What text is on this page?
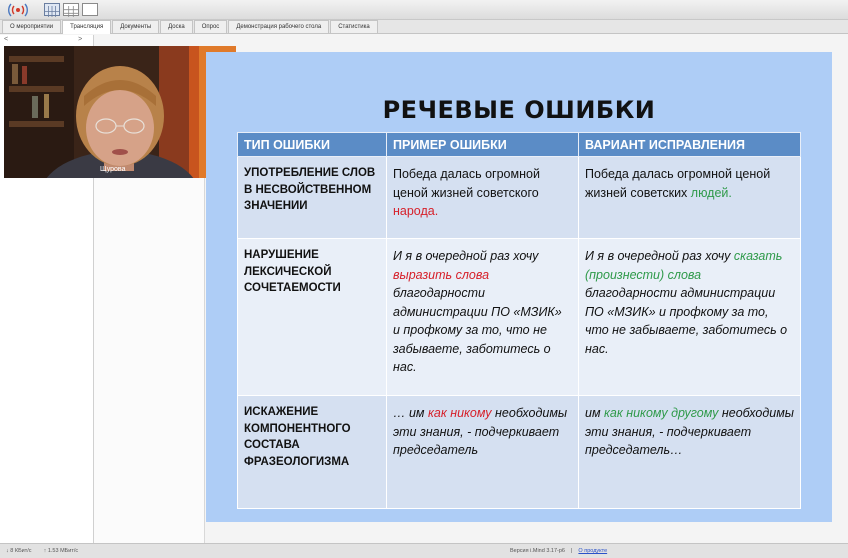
О мероприятии	Трансляция	Документы	Доска	Опрос	Демонстрация рабочего стола	Статистика
<	>
Щурова
РЕЧЕВЫЕ ОШИБКИ
ТИП ОШИБКИ	ПРИМЕР ОШИБКИ	ВАРИАНТ ИСПРАВЛЕНИЯ
УПОТРЕБЛЕНИЕ СЛОВ В НЕСВОЙСТВЕННОМ ЗНАЧЕНИИ	Победа далась огромной ценой жизней советского народа.	Победа далась огромной ценой жизней советских людей.
НАРУШЕНИЕ ЛЕКСИЧЕСКОЙ СОЧЕТАЕМОСТИ	И я в очередной раз хочу выразить слова благодарности администрации ПО «МЗИК» и профкому за то, что не забываете, заботитесь о нас.	И я в очередной раз хочу сказать (произнести) слова благодарности администрации ПО «МЗИК» и профкому за то, что не забываете, заботитесь о нас.
ИСКАЖЕНИЕ КОМПОНЕНТНОГО СОСТАВА ФРАЗЕОЛОГИЗМА	… им как никому необходимы эти знания, - подчеркивает председатель	им как никому другому необходимы эти знания, - подчеркивает председатель…
↓ 8 КБит/с ↑ 1.53 МБит/с	Версия i.Mind 3.17-р6 | О продукте
